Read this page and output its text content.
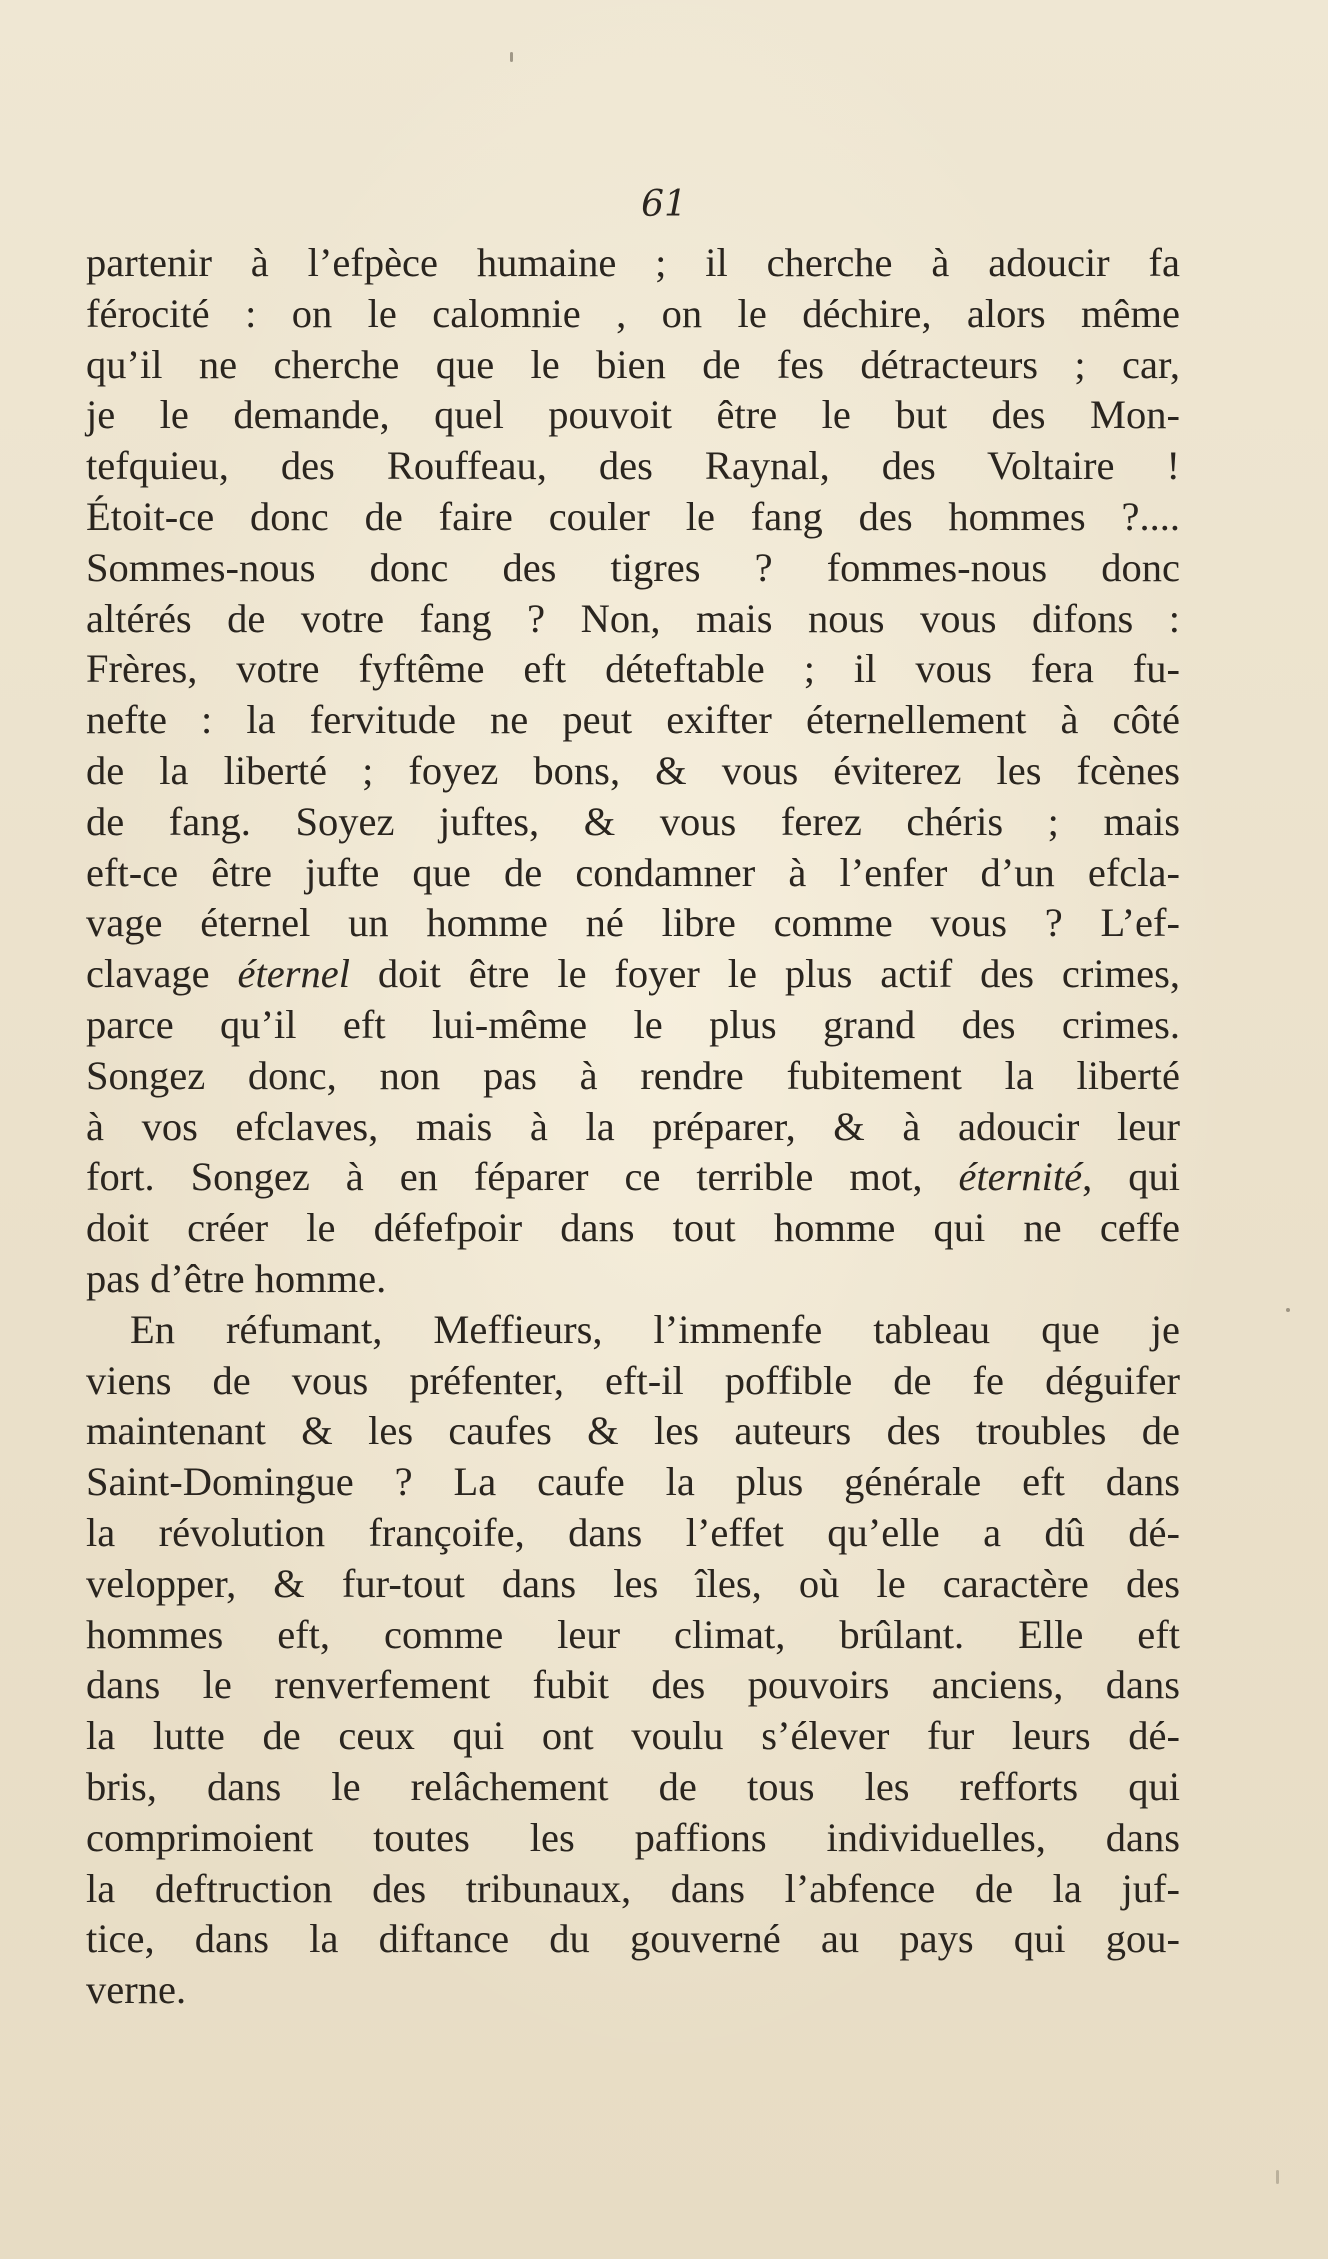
61
partenir à l’efpèce humaine ; il cherche à adoucir fa
férocité : on le calomnie , on le déchire, alors même
qu’il ne cherche que le bien de fes détracteurs ; car,
je le demande, quel pouvoit être le but des Mon-
tefquieu, des Rouffeau, des Raynal, des Voltaire !
Étoit-ce donc de faire couler le fang des hommes ?....
Sommes-nous donc des tigres ? fommes-nous donc
altérés de votre fang ? Non, mais nous vous difons :
Frères, votre fyftême eft déteftable ; il vous fera fu-
nefte : la fervitude ne peut exifter éternellement à côté
de la liberté ; foyez bons, & vous éviterez les fcènes
de fang. Soyez juftes, & vous ferez chéris ; mais
eft-ce être jufte que de condamner à l’enfer d’un efcla-
vage éternel un homme né libre comme vous ? L’ef-
clavage éternel doit être le foyer le plus actif des crimes,
parce qu’il eft lui-même le plus grand des crimes.
Songez donc, non pas à rendre fubitement la liberté
à vos efclaves, mais à la préparer, & à adoucir leur
fort. Songez à en féparer ce terrible mot, éternité, qui
doit créer le défefpoir dans tout homme qui ne ceffe
pas d’être homme.
En réfumant, Meffieurs, l’immenfe tableau que je
viens de vous préfenter, eft-il poffible de fe déguifer
maintenant & les caufes & les auteurs des troubles de
Saint-Domingue ? La caufe la plus générale eft dans
la révolution françoife, dans l’effet qu’elle a dû dé-
velopper, & fur-tout dans les îles, où le caractère des
hommes eft, comme leur climat, brûlant. Elle eft
dans le renverfement fubit des pouvoirs anciens, dans
la lutte de ceux qui ont voulu s’élever fur leurs dé-
bris, dans le relâchement de tous les refforts qui
comprimoient toutes les paffions individuelles, dans
la deftruction des tribunaux, dans l’abfence de la juf-
tice, dans la diftance du gouverné au pays qui gou-
verne.
